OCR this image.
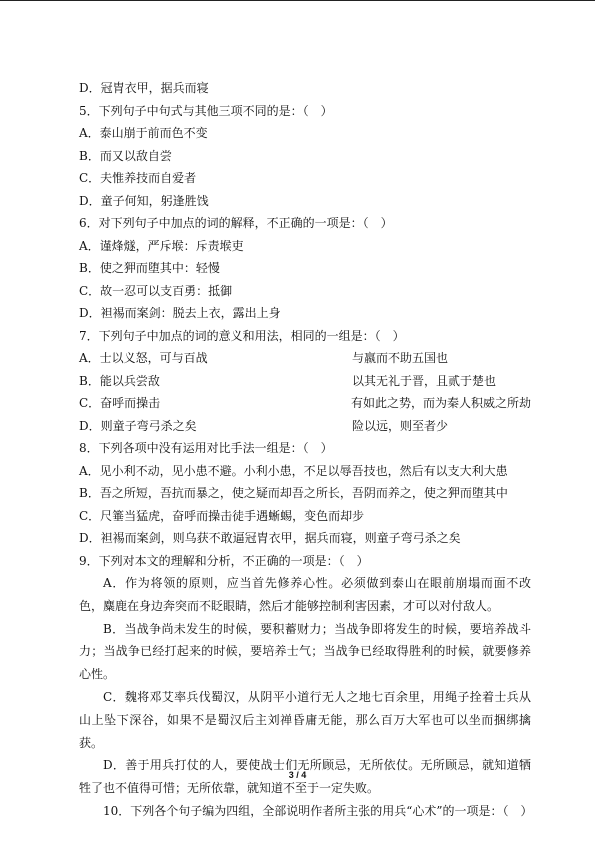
D．冠胄衣甲，据兵而寝
5．下列句子中句式与其他三项不同的是：（　）
A．泰山崩于前而色不变
B．而又以敌自尝
C．夫惟养技而自爱者
D．童子何知，躬逢胜饯
6．对下列句子中加点的词的解释，不正确的一项是：（　）
A．谨烽燧，严斥堠：斥责堠吏
B．使之狎而堕其中：轻慢
C．故一忍可以支百勇：抵御
D．袒裼而案剑：脱去上衣，露出上身
7．下列句子中加点的词的意义和用法，相同的一组是：（　）
A．士以义怒，可与百战	与嬴而不助五国也
B．能以兵尝敌	以其无礼于晋，且贰于楚也
C．奋呼而操击	有如此之势，而为秦人积威之所劫
D．则童子弯弓杀之矣	险以远，则至者少
8．下列各项中没有运用对比手法一组是：（　）
A．见小利不动，见小患不避。小利小患，不足以辱吾技也，然后有以支大利大患
B．吾之所短，吾抗而暴之，使之疑而却吾之所长，吾阴而养之，使之狎而堕其中
C．尺箠当猛虎，奋呼而操击徒手遇蜥蜴，变色而却步
D．袒裼而案剑，则乌获不敢逼冠胄衣甲，据兵而寝，则童子弯弓杀之矣
9．下列对本文的理解和分析，不正确的一项是：（　）
A．作为将领的原则，应当首先修养心性。必须做到泰山在眼前崩塌而面不改色，麋鹿在身边奔突而不眨眼睛，然后才能够控制利害因素，才可以对付敌人。
B．当战争尚未发生的时候，要积蓄财力；当战争即将发生的时候，要培养战斗力；当战争已经打起来的时候，要培养士气；当战争已经取得胜利的时候，就要修养心性。
C．魏将邓艾率兵伐蜀汉，从阴平小道行无人之地七百余里，用绳子拴着士兵从山上坠下深谷，如果不是蜀汉后主刘禅昏庸无能，那么百万大军也可以坐而捆绑擒获。
D．善于用兵打仗的人，要使战士们无所顾忌，无所依仗。无所顾忌，就知道牺牲了也不值得可惜；无所依靠，就知道不至于一定失败。
10．下列各个句子编为四组，全部说明作者所主张的用兵“心术”的一项是：（　）
3 / 4
